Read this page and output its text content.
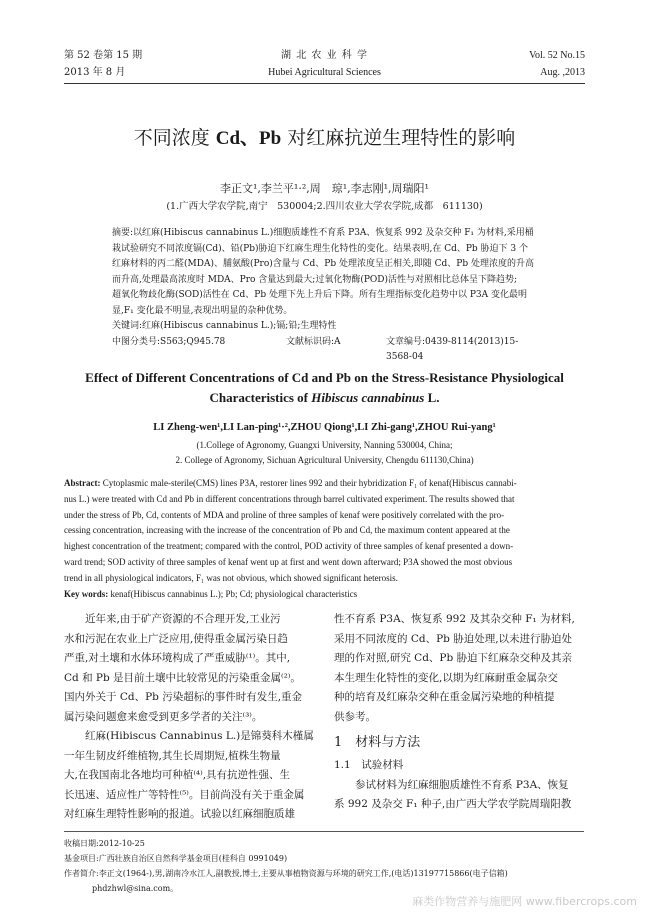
第 52 卷第 15 期
2013 年 8 月
湖 北 农 业 科 学
Hubei Agricultural Sciences
Vol. 52 No.15
Aug. ,2013
不同浓度 Cd、Pb 对红麻抗逆生理特性的影响
李正文¹,李兰平¹·²,周　琼¹,李志刚¹,周瑞阳¹
(1.广西大学农学院,南宁　530004;2.四川农业大学农学院,成都　611130)
摘要:以红麻(Hibiscus cannabinus L.)细胞质雄性不育系 P3A、恢复系 992 及杂交种 F₁ 为材料,采用桶
栽试验研究不同浓度镉(Cd)、铅(Pb)胁迫下红麻生理生化特性的变化。结果表明,在 Cd、Pb 胁迫下 3 个
红麻材料的丙二醛(MDA)、脯氨酸(Pro)含量与 Cd、Pb 处理浓度呈正相关,即随 Cd、Pb 处理浓度的升高
而升高,处理最高浓度时 MDA、Pro 含量达到最大;过氧化物酶(POD)活性与对照相比总体呈下降趋势;
超氧化物歧化酶(SOD)活性在 Cd、Pb 处理下先上升后下降。所有生理指标变化趋势中以 P3A 变化最明
显,F₁ 变化最不明显,表现出明显的杂种优势。
关键词:红麻(Hibiscus cannabinus L.);镉;铅;生理特性
中图分类号:S563;Q945.78	文献标识码:A	文章编号:0439-8114(2013)15-3568-04
Effect of Different Concentrations of Cd and Pb on the Stress-Resistance Physiological
Characteristics of Hibiscus cannabinus L.
LI Zheng-wen¹,LI Lan-ping¹·²,ZHOU Qiong¹,LI Zhi-gang¹,ZHOU Rui-yang¹
(1.College of Agronomy, Guangxi University, Nanning 530004, China;
2. College of Agronomy, Sichuan Agricultural University, Chengdu 611130,China)
Abstract: Cytoplasmic male-sterile(CMS) lines P3A, restorer lines 992 and their hybridization F₁ of kenaf(Hibiscus cannabi-
nus L.) were treated with Cd and Pb in different concentrations through barrel cultivated experiment. The results showed that
under the stress of Pb, Cd, contents of MDA and proline of three samples of kenaf were positively correlated with the pro-
cessing concentration, increasing with the increase of the concentration of Pb and Cd, the maximum content appeared at the
highest concentration of the treatment; compared with the control, POD activity of three samples of kenaf presented a down-
ward trend; SOD activity of three samples of kenaf went up at first and went down afterward; P3A showed the most obvious
trend in all physiological indicators, F₁ was not obvious, which showed significant heterosis.
Key words: kenaf(Hibiscus cannabinus L.); Pb; Cd; physiological characteristics
近年来,由于矿产资源的不合理开发,工业污
水和污泥在农业上广泛应用,使得重金属污染日趋
严重,对土壤和水体环境构成了严重威胁⁽¹⁾。其中,
Cd 和 Pb 是目前土壤中比较常见的污染重金属⁽²⁾。
国内外关于 Cd、Pb 污染超标的事件时有发生,重金
属污染问题愈来愈受到更多学者的关注⁽³⁾。
红麻(Hibiscus Cannabinus L.)是锦葵科木槿属
一年生韧皮纤维植物,其生长周期短,植株生物量
大,在我国南北各地均可种植⁽⁴⁾,具有抗逆性强、生
长迅速、适应性广等特性⁽⁵⁾。目前尚没有关于重金属
对红麻生理特性影响的报道。试验以红麻细胞质雄
性不育系 P3A、恢复系 992 及其杂交种 F₁ 为材料,
采用不同浓度的 Cd、Pb 胁迫处理,以未进行胁迫处
理的作对照,研究 Cd、Pb 胁迫下红麻杂交种及其亲
本生理生化特性的变化,以期为红麻耐重金属杂交
种的培育及红麻杂交种在重金属污染地的种植提
供参考。
1　材料与方法
1.1　试验材料
参试材料为红麻细胞质雄性不育系 P3A、恢复
系 992 及杂交 F₁ 种子,由广西大学农学院周瑞阳教
收稿日期:2012-10-25
基金项目:广西壮族自治区自然科学基金项目(桂科自 0991049)
作者简介:李正文(1964-),男,湖南冷水江人,副教授,博士,主要从事植物资源与环境的研究工作,(电话)13197715866(电子信箱)
phdzhwl@sina.com。
麻类作物营养与施肥网 www.fibercrops.com
